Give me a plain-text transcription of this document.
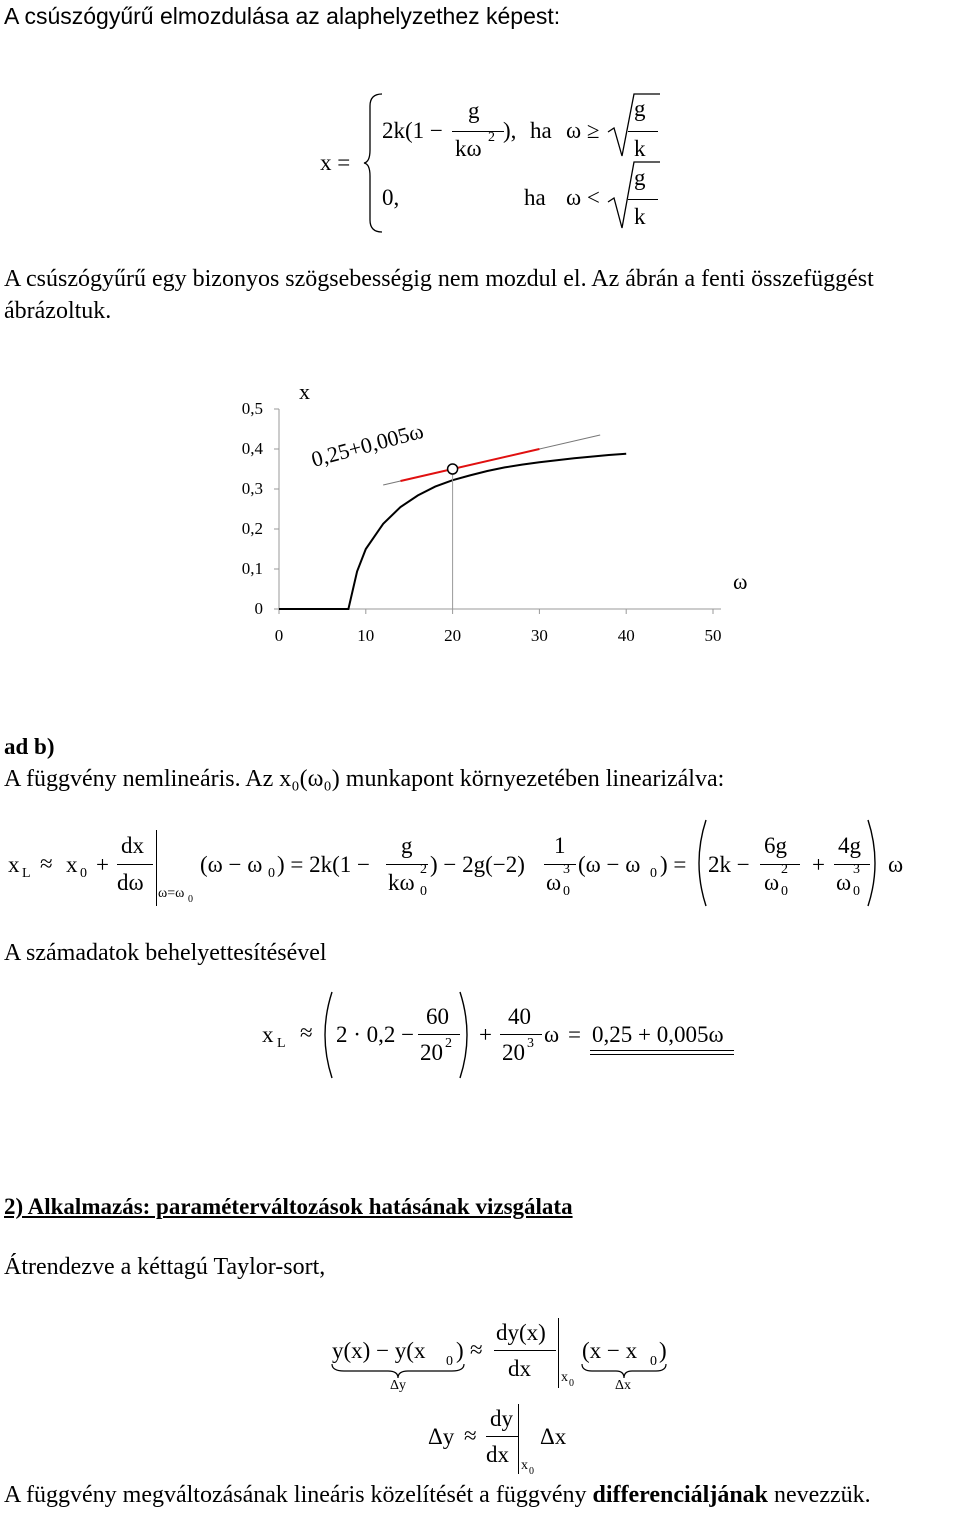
A csúszógyűrű elmozdulása az alaphelyzethez képest:
x =
2k(1 −
g
kω 2 ), ha ω ≥
g
k
0,	ha ω <
g
k
A csúszógyűrű egy bizonyos szögsebességig nem mozdul el. Az ábrán a fenti összefüggést
ábrázoltuk.
0
0,1
0,2
0,3
0,4
0,5
0	10	20	30	40	50
x
ω
0,25+0,005ω
ad b)
A függvény nemlineáris. Az x₀(ω₀) munkapont környezetében linearizálva:
x L ≈ x 0 +
dx
dω ω=ω 0
(ω − ω 0 ) = 2k(1 −
g
kω
2
0
) − 2g(−2)
1
ω
3
0
(ω − ω 0 ) = 2k −
6g
ω
2
0
+
4g
ω
3
0
ω
A számadatok behelyettesítésével
x L ≈ 2 · 0,2 −
60
20 2 +
40
20 3 ω = 0,25 + 0,005ω
2) Alkalmazás: paraméterváltozások hatásának vizsgálata
Átrendezve a kéttagú Taylor-sort,
y(x) − y(x 0 )
Δy
≈
dy(x)
dx x 0
(x − x 0 )
Δx
Δy ≈
dy
dx x 0
Δx
A függvény megváltozásának lineáris közelítését a függvény differenciáljának nevezzük.
